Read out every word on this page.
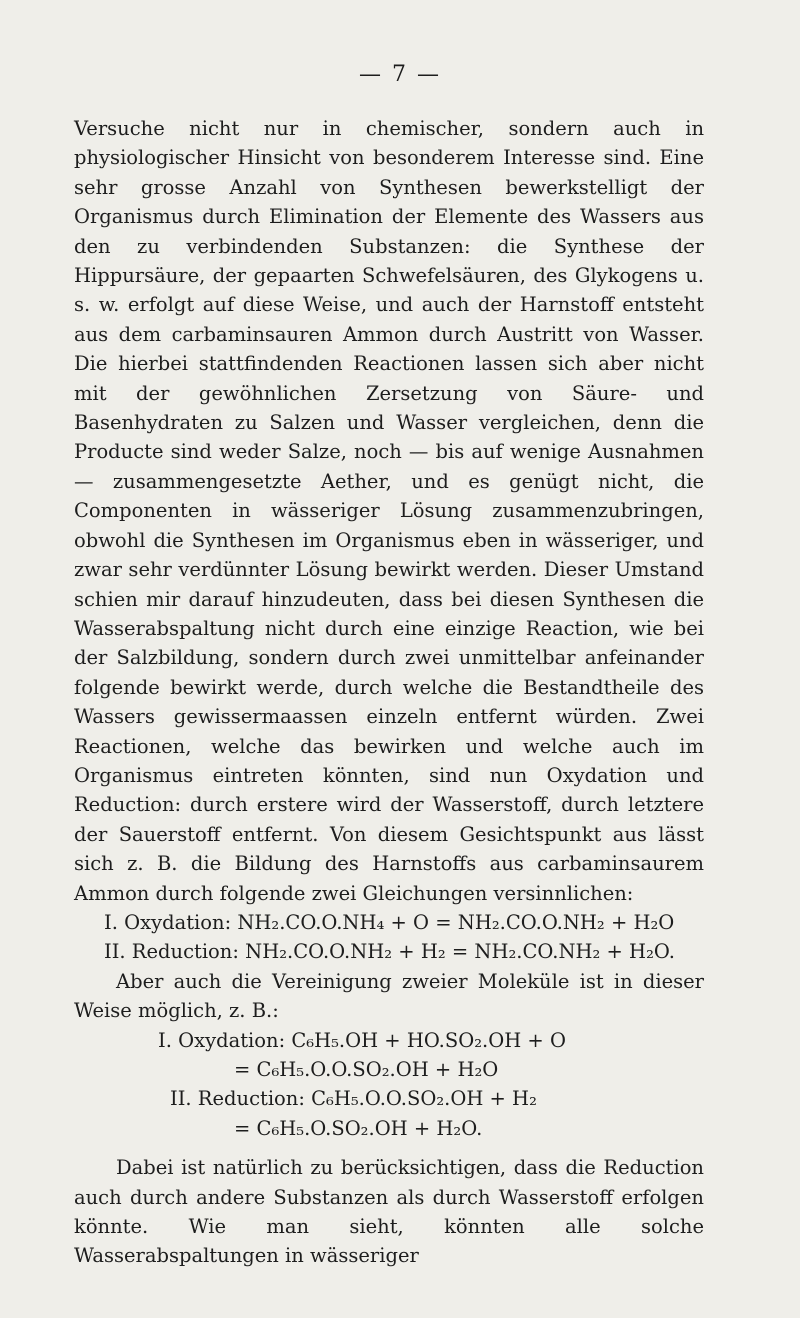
— 7 —

Versuche nicht nur in chemischer, sondern auch in physiologischer Hinsicht von besonderem Interesse sind. Eine sehr grosse Anzahl von Synthesen bewerkstelligt der Organismus durch Elimination der Elemente des Wassers aus den zu verbindenden Substanzen: die Synthese der Hippursäure, der gepaarten Schwefelsäuren, des Glykogens u. s. w. erfolgt auf diese Weise, und auch der Harnstoff entsteht aus dem carbaminsauren Ammon durch Austritt von Wasser. Die hierbei stattfindenden Reactionen lassen sich aber nicht mit der gewöhnlichen Zersetzung von Säure- und Basenhydraten zu Salzen und Wasser vergleichen, denn die Producte sind weder Salze, noch — bis auf wenige Ausnahmen — zusammengesetzte Aether, und es genügt nicht, die Componenten in wässeriger Lösung zusammenzubringen, obwohl die Synthesen im Organismus eben in wässeriger, und zwar sehr verdünnter Lösung bewirkt werden. Dieser Umstand schien mir darauf hinzudeuten, dass bei diesen Synthesen die Wasserabspaltung nicht durch eine einzige Reaction, wie bei der Salzbildung, sondern durch zwei unmittelbar anfeinander folgende bewirkt werde, durch welche die Bestandtheile des Wassers gewissermaassen einzeln entfernt würden. Zwei Reactionen, welche das bewirken und welche auch im Organismus eintreten könnten, sind nun Oxydation und Reduction: durch erstere wird der Wasserstoff, durch letztere der Sauerstoff entfernt. Von diesem Gesichtspunkt aus lässt sich z. B. die Bildung des Harnstoffs aus carbaminsaurem Ammon durch folgende zwei Gleichungen versinnlichen:

I. Oxydation: NH₂.CO.O.NH₄ + O = NH₂.CO.O.NH₂ + H₂O
II. Reduction: NH₂.CO.O.NH₂ + H₂ = NH₂.CO.NH₂ + H₂O.

Aber auch die Vereinigung zweier Moleküle ist in dieser Weise möglich, z. B.:

I. Oxydation: C₆H₅.OH + HO.SO₂.OH + O
= C₆H₅.O.O.SO₂.OH + H₂O
II. Reduction: C₆H₅.O.O.SO₂.OH + H₂
= C₆H₅.O.SO₂.OH + H₂O.

Dabei ist natürlich zu berücksichtigen, dass die Reduction auch durch andere Substanzen als durch Wasserstoff erfolgen könnte. Wie man sieht, könnten alle solche Wasserabspaltungen in wässeriger
